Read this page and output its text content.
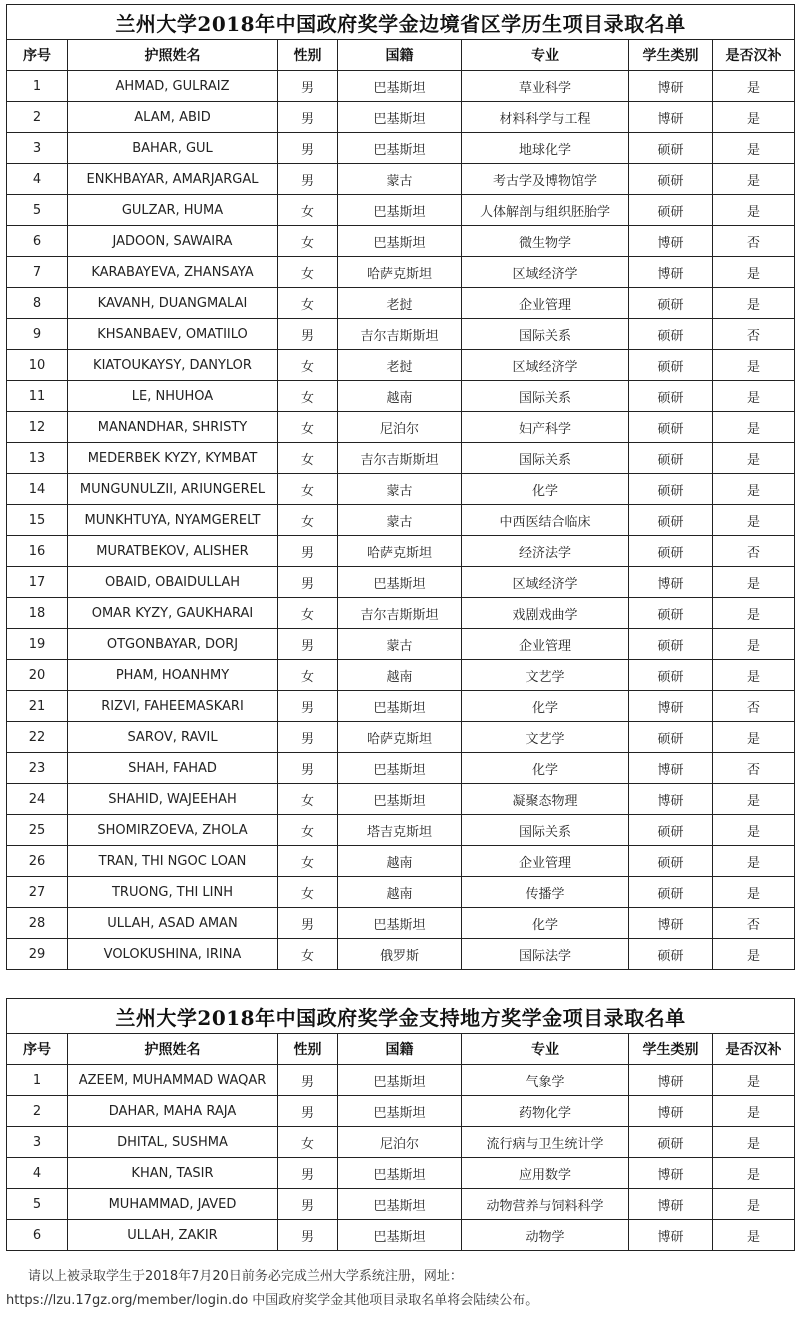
兰州大学2018年中国政府奖学金边境省区学历生项目录取名单						
序号	护照姓名	性别	国籍	专业	学生类别	是否汉补
1	AHMAD, GULRAIZ	男	巴基斯坦	草业科学	博研	是
2	ALAM, ABID	男	巴基斯坦	材料科学与工程	博研	是
3	BAHAR, GUL	男	巴基斯坦	地球化学	硕研	是
4	ENKHBAYAR, AMARJARGAL	男	蒙古	考古学及博物馆学	硕研	是
5	GULZAR, HUMA	女	巴基斯坦	人体解剖与组织胚胎学	硕研	是
6	JADOON, SAWAIRA	女	巴基斯坦	微生物学	博研	否
7	KARABAYEVA, ZHANSAYA	女	哈萨克斯坦	区域经济学	博研	是
8	KAVANH, DUANGMALAI	女	老挝	企业管理	硕研	是
9	KHSANBAEV, OMATIILO	男	吉尔吉斯斯坦	国际关系	硕研	否
10	KIATOUKAYSY, DANYLOR	女	老挝	区域经济学	硕研	是
11	LE, NHUHOA	女	越南	国际关系	硕研	是
12	MANANDHAR, SHRISTY	女	尼泊尔	妇产科学	硕研	是
13	MEDERBEK KYZY, KYMBAT	女	吉尔吉斯斯坦	国际关系	硕研	是
14	MUNGUNULZII, ARIUNGEREL	女	蒙古	化学	硕研	是
15	MUNKHTUYA, NYAMGERELT	女	蒙古	中西医结合临床	硕研	是
16	MURATBEKOV, ALISHER	男	哈萨克斯坦	经济法学	硕研	否
17	OBAID, OBAIDULLAH	男	巴基斯坦	区域经济学	博研	是
18	OMAR KYZY, GAUKHARAI	女	吉尔吉斯斯坦	戏剧戏曲学	硕研	是
19	OTGONBAYAR, DORJ	男	蒙古	企业管理	硕研	是
20	PHAM, HOANHMY	女	越南	文艺学	硕研	是
21	RIZVI, FAHEEMASKARI	男	巴基斯坦	化学	博研	否
22	SAROV, RAVIL	男	哈萨克斯坦	文艺学	硕研	是
23	SHAH, FAHAD	男	巴基斯坦	化学	博研	否
24	SHAHID, WAJEEHAH	女	巴基斯坦	凝聚态物理	博研	是
25	SHOMIRZOEVA, ZHOLA	女	塔吉克斯坦	国际关系	硕研	是
26	TRAN, THI NGOC LOAN	女	越南	企业管理	硕研	是
27	TRUONG, THI LINH	女	越南	传播学	硕研	是
28	ULLAH, ASAD AMAN	男	巴基斯坦	化学	博研	否
29	VOLOKUSHINA, IRINA	女	俄罗斯	国际法学	硕研	是
兰州大学2018年中国政府奖学金支持地方奖学金项目录取名单						
序号	护照姓名	性别	国籍	专业	学生类别	是否汉补
1	AZEEM, MUHAMMAD WAQAR	男	巴基斯坦	气象学	博研	是
2	DAHAR, MAHA RAJA	男	巴基斯坦	药物化学	博研	是
3	DHITAL, SUSHMA	女	尼泊尔	流行病与卫生统计学	硕研	是
4	KHAN, TASIR	男	巴基斯坦	应用数学	博研	是
5	MUHAMMAD, JAVED	男	巴基斯坦	动物营养与饲料科学	博研	是
6	ULLAH, ZAKIR	男	巴基斯坦	动物学	博研	是
请以上被录取学生于2018年7月20日前务必完成兰州大学系统注册，网址：
https://lzu.17gz.org/member/login.do 中国政府奖学金其他项目录取名单将会陆续公布。
